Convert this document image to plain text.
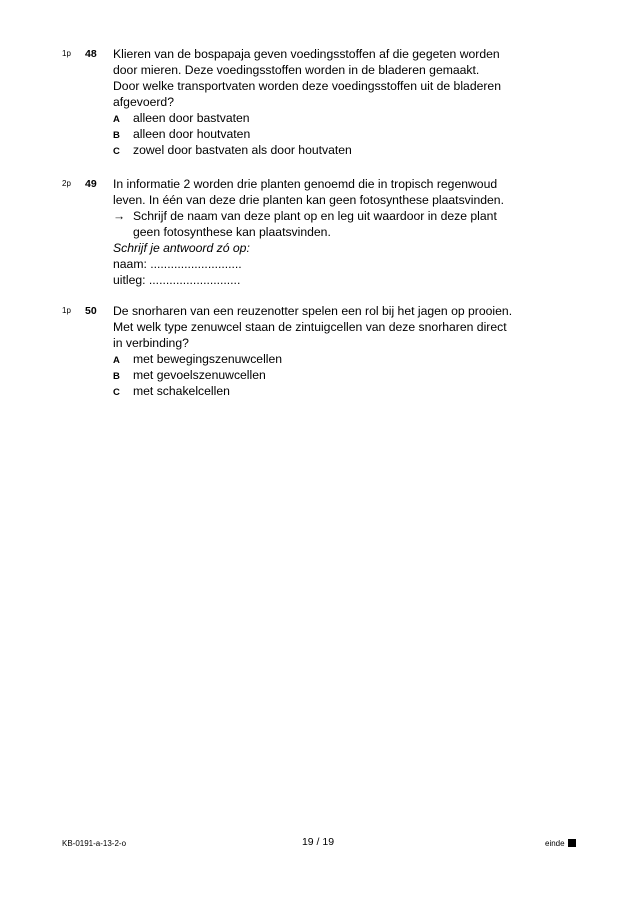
1p 48 Klieren van de bospapaja geven voedingsstoffen af die gegeten worden
door mieren. Deze voedingsstoffen worden in de bladeren gemaakt.
Door welke transportvaten worden deze voedingsstoffen uit de bladeren
afgevoerd?
A alleen door bastvaten
B alleen door houtvaten
C zowel door bastvaten als door houtvaten
2p 49 In informatie 2 worden drie planten genoemd die in tropisch regenwoud
leven. In één van deze drie planten kan geen fotosynthese plaatsvinden.
→ Schrijf de naam van deze plant op en leg uit waardoor in deze plant
geen fotosynthese kan plaatsvinden.
Schrijf je antwoord zó op:
naam: ...........................
uitleg: ...........................
1p 50 De snorharen van een reuzenotter spelen een rol bij het jagen op prooien.
Met welk type zenuwcel staan de zintuigcellen van deze snorharen direct
in verbinding?
A met bewegingszenuwcellen
B met gevoelszenuwcellen
C met schakelcellen
KB-0191-a-13-2-o	19 / 19	einde
